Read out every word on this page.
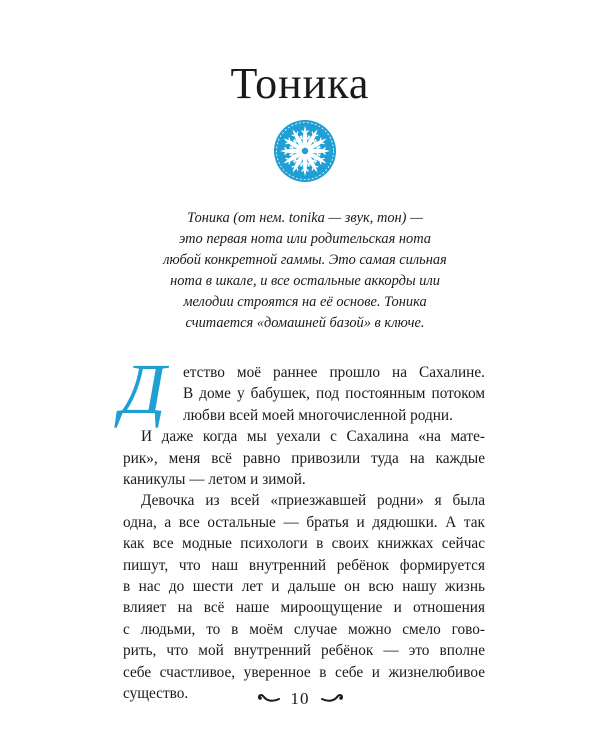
Тоника

Тоника (от нем. tonika — звук, тон) —
это первая нота или родительская нота
любой конкретной гаммы. Это самая сильная
нота в шкале, и все остальные аккорды или
мелодии строятся на её основе. Тоника
считается «домашней базой» в ключе.

Д	етство моё раннее прошло на Сахалине.
В доме у бабушек, под постоянным потоком
любви всей моей многочисленной родни.
И даже когда мы уехали с Сахалина «на мате-
рик», меня всё равно привозили туда на каждые
каникулы — летом и зимой.
Девочка из всей «приезжавшей родни» я была
одна, а все остальные — братья и дядюшки. А так
как все модные психологи в своих книжках сейчас
пишут, что наш внутренний ребёнок формируется
в нас до шести лет и дальше он всю нашу жизнь
влияет на всё наше мироощущение и отношения
с людьми, то в моём случае можно смело гово-
рить, что мой внутренний ребёнок — это вполне
себе счастливое, уверенное в себе и жизнелюбивое
существо.	10
